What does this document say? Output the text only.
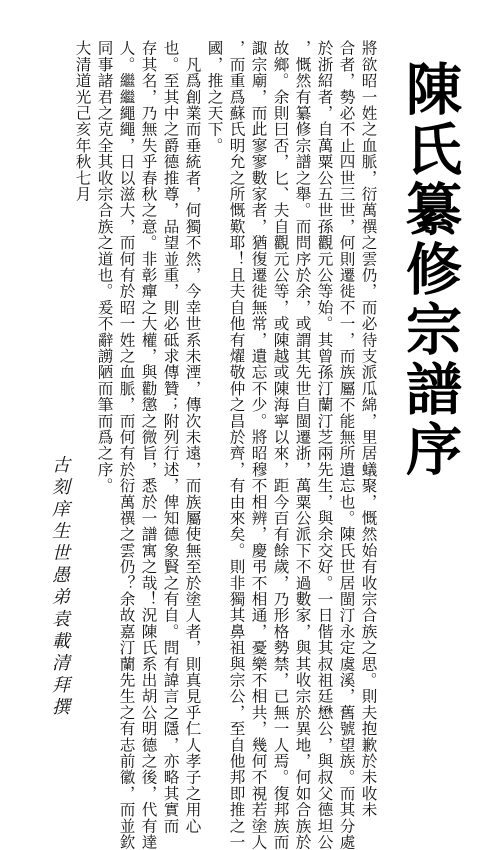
陳氏纂修宗譜序
將欲昭一姓之血脈，衍萬禩之雲仍，而必待支派瓜綿，里居蟻聚，慨然始有收宗合族之思。則夫抱歉於未收未
合者，勢必不止四世三世，何則遷徙不一，而族屬不能無所遺忘也。陳氏世居閩汀永定虞溪，舊號望族。而其分處
於浙紹者，自萬粟公五世孫觀元公等始。其曾孫汀蘭汀芝兩先生，與余交好。一日偕其叔祖廷懋公，與叔父德坦公
，慨然有纂修宗譜之舉。而問序於余，或謂其先世自閩遷浙，萬粟公派下不過數家，與其收宗於異地，何如合族於
故鄉。余則曰否，匕、夫自觀元公等，或陳越或陳海寧以來，距今百有餘歲，乃形格勢禁，已無一人焉。復邦族而
諏宗廟，而此寥寥數家者，猶復遷徙無常，遺忘不少。將昭穆不相辨，慶弔不相通，憂樂不相共，幾何不視若塗人
，而重爲蘇氏明允之所慨歎耶！且夫自他有燿敬仲之昌於齊，有由來矣。則非獨其鼻祖與宗公，至自他邦即推之一
國，推之天下。
　凡爲創業而垂統者，何獨不然，今幸世系未湮，傳次未遠，而族屬使無至於塗人者，則真見乎仁人孝子之用心
也。至其中之爵德推尊，品望並重，則必砥求傳贊；附列行述，俾知德象賢之有自。問有諱言之隱，亦略其實而
存其名，乃無失乎春秋之意。非彰癉之大權，與勸懲之微旨，悉於一譜寓之哉！況陳氏系出胡公明德之後，代有達
人。繼繼繩繩，日以滋大，而何有於昭一姓之血脈，而何有於衍萬禩之雲仍？余故嘉汀蘭先生之有志前徽，而並欽
同事諸君之克全其收宗合族之道也。爰不辭謭陋而筆而爲之序。
大清道光己亥年秋七月
古刻庠生世愚弟袁載清拜撰
